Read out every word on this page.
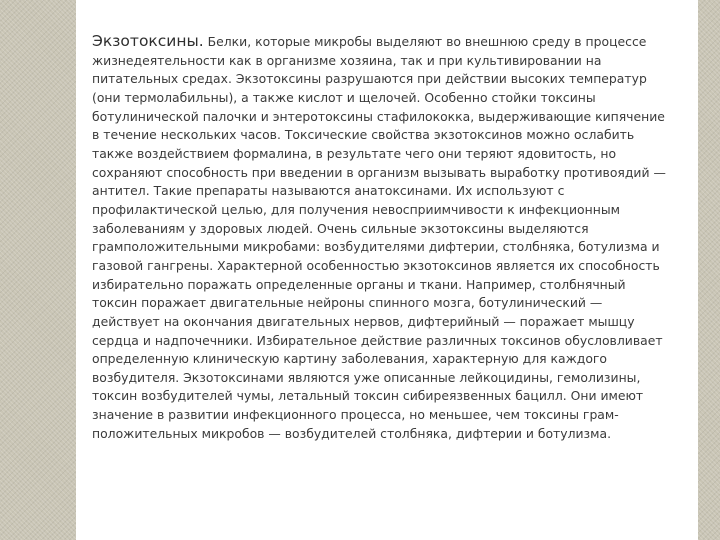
Экзотоксины. Белки, которые микробы выделяют во внешнюю среду в процессе
жизнедеятельности как в организме хозяина, так и при культивировании на
питательных средах. Экзотоксины разрушаются при действии высоких температур
(они термолабильны), а также кислот и щелочей. Особенно стойки токсины
ботулинической палочки и энтеротоксины стафилококка, выдерживающие кипячение
в течение нескольких часов. Токсические свойства экзотоксинов можно ослабить
также воздействием формалина, в результате чего они теряют ядовитость, но
сохраняют способность при введении в организм вызывать выработку противоядий —
антител. Такие препараты называются анатоксинами. Их используют с
профилактической целью, для получения невосприимчивости к инфекционным
заболеваниям у здоровых людей. Очень сильные экзотоксины выделяются
грамположительными микробами: возбудителями дифтерии, столбняка, ботулизма и
газовой гангрены. Характерной особенностью экзотоксинов является их способность
избирательно поражать определенные органы и ткани. Например, столбнячный
токсин поражает двигательные нейроны спинного мозга, ботулинический —
действует на окончания двигательных нервов, дифтерийный — поражает мышцу
сердца и надпочечники. Избирательное действие различных токсинов обусловливает
определенную клиническую картину заболевания, характерную для каждого
возбудителя. Экзотоксинами являются уже описанные лейкоцидины, гемолизины,
токсин возбудителей чумы, летальный токсин сибиреязвенных бацилл. Они имеют
значение в развитии инфекционного процесса, но меньшее, чем токсины грам-
положительных микробов — возбудителей столбняка, дифтерии и ботулизма.
